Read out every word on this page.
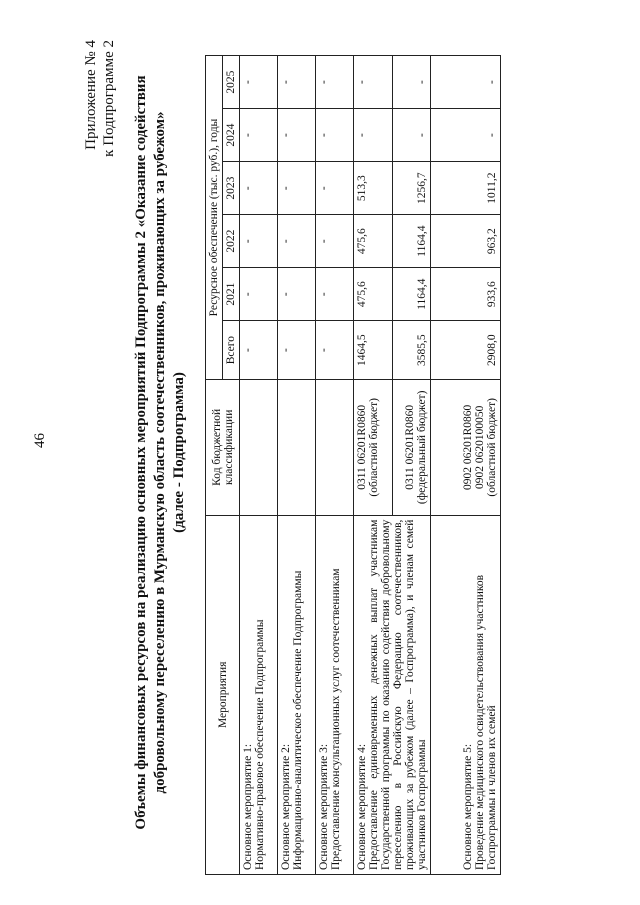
46
Приложение № 4 к Подпрограмме 2 Объемы финансовых ресурсов на реализацию основных мероприятий Подпрограммы 2 «Оказание содействия добровольному переселению в Мурманскую область соотечественников, проживающих за рубежом» (далее - Подпрограмма)
Мероприятия	Код бюджетной классификации	Ресурсное обеспечение (тыс. руб.), годы					
		Всего	2021	2022	2023	2024	2025
Основное мероприятие 1:
Нормативно-правовое обеспечение Подпрограммы		-	-	-	-	-	-
Основное мероприятие 2:
Информационно-аналитическое обеспечение Подпрограммы		-	-	-	-	-	-
Основное мероприятие 3:
Предоставление консультационных услуг соотечественникам		-	-	-	-	-	-
Основное мероприятие 4:
Предоставление единовременных денежных выплат участникам Государственной программы по оказанию содействия добровольному переселению в Российскую Федерацию соотечественников, проживающих за рубежом (далее – Госпрограмма), и членам семей участников Госпрограммы	0311 06201R0860 (областной бюджет)	1464,5	475,6	475,6	513,3	-	-
	0311 06201R0860 (федеральный бюджет)	3585,5	1164,4	1164,4	1256,7	-	-
Основное мероприятие 5:
Проведение медицинского освидетельствования участников Госпрограммы и членов их семей	0902 06201R0860
0902 0620100050
(областной бюджет)	2908,0	933,6	963,2	1011,2	-	-
